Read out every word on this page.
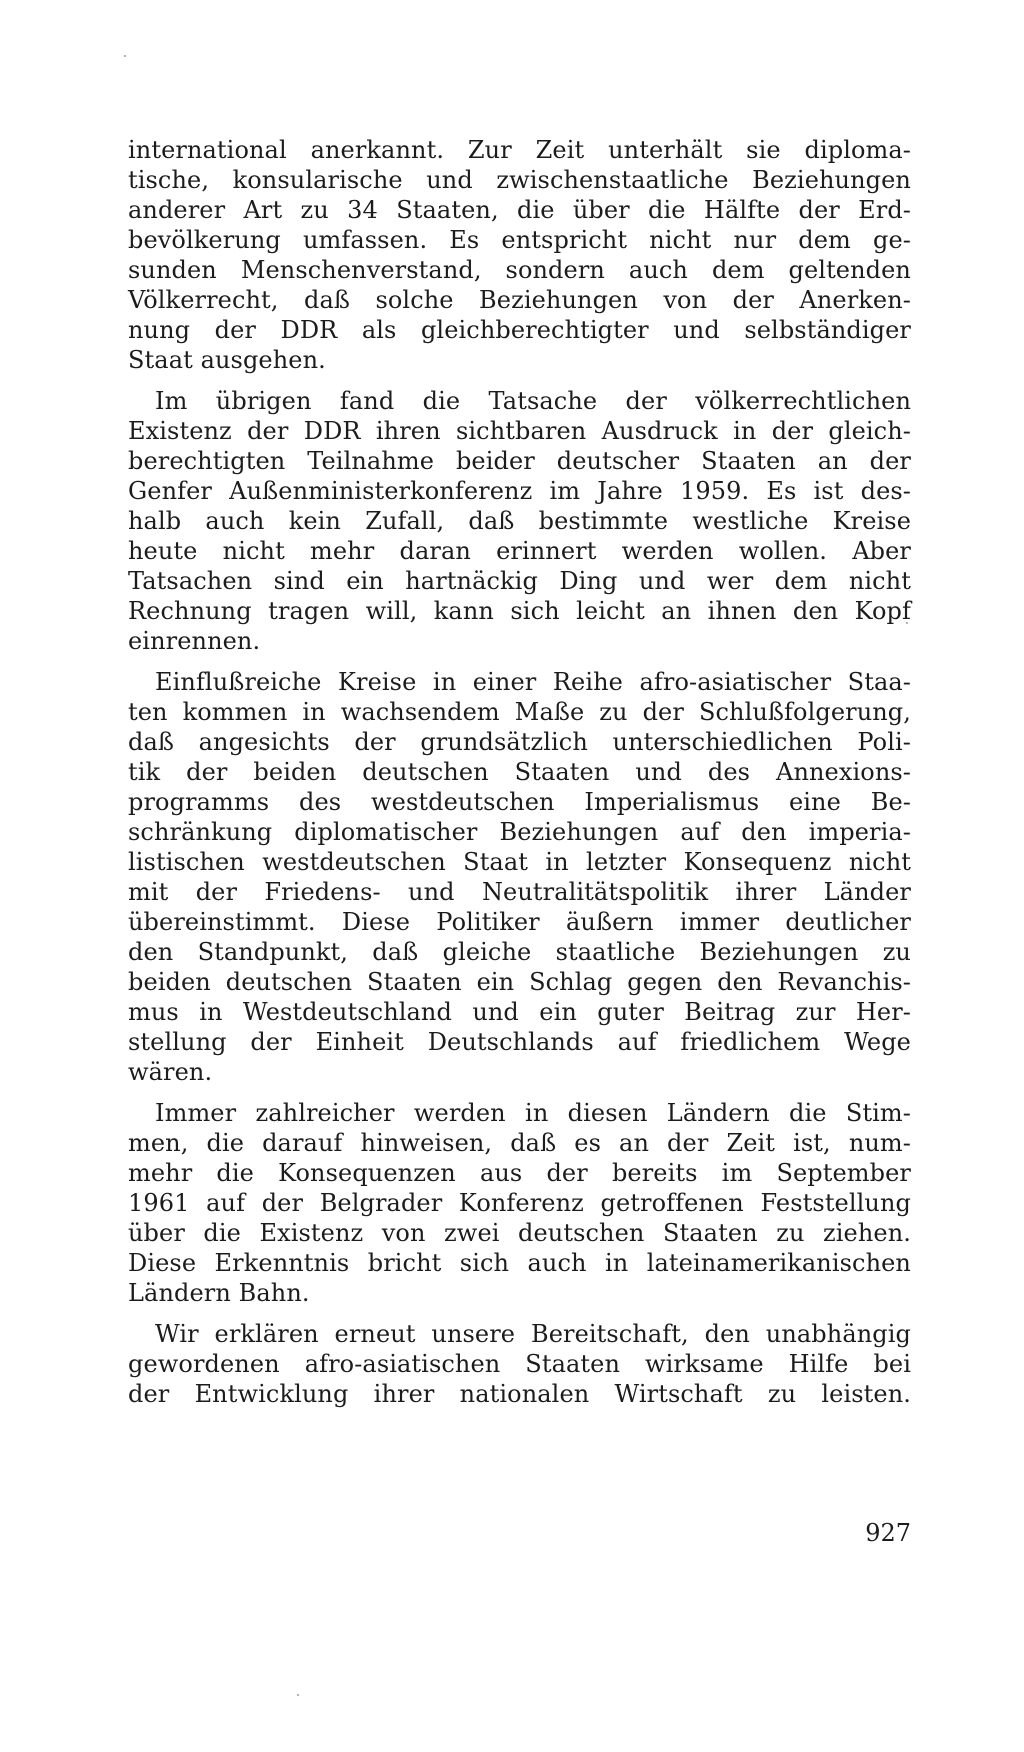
international anerkannt. Zur Zeit unterhält sie diploma-
tische, konsularische und zwischenstaatliche Beziehungen
anderer Art zu 34 Staaten, die über die Hälfte der Erd-
bevölkerung umfassen. Es entspricht nicht nur dem ge-
sunden Menschenverstand, sondern auch dem geltenden
Völkerrecht, daß solche Beziehungen von der Anerken-
nung der DDR als gleichberechtigter und selbständiger
Staat ausgehen.
Im übrigen fand die Tatsache der völkerrechtlichen
Existenz der DDR ihren sichtbaren Ausdruck in der gleich-
berechtigten Teilnahme beider deutscher Staaten an der
Genfer Außenministerkonferenz im Jahre 1959. Es ist des-
halb auch kein Zufall, daß bestimmte westliche Kreise
heute nicht mehr daran erinnert werden wollen. Aber
Tatsachen sind ein hartnäckig Ding und wer dem nicht
Rechnung tragen will, kann sich leicht an ihnen den Kopf
einrennen.
Einflußreiche Kreise in einer Reihe afro-asiatischer Staa-
ten kommen in wachsendem Maße zu der Schlußfolgerung,
daß angesichts der grundsätzlich unterschiedlichen Poli-
tik der beiden deutschen Staaten und des Annexions-
programms des westdeutschen Imperialismus eine Be-
schränkung diplomatischer Beziehungen auf den imperia-
listischen westdeutschen Staat in letzter Konsequenz nicht
mit der Friedens- und Neutralitätspolitik ihrer Länder
übereinstimmt. Diese Politiker äußern immer deutlicher
den Standpunkt, daß gleiche staatliche Beziehungen zu
beiden deutschen Staaten ein Schlag gegen den Revanchis-
mus in Westdeutschland und ein guter Beitrag zur Her-
stellung der Einheit Deutschlands auf friedlichem Wege
wären.
Immer zahlreicher werden in diesen Ländern die Stim-
men, die darauf hinweisen, daß es an der Zeit ist, num-
mehr die Konsequenzen aus der bereits im September
1961 auf der Belgrader Konferenz getroffenen Feststellung
über die Existenz von zwei deutschen Staaten zu ziehen.
Diese Erkenntnis bricht sich auch in lateinamerikanischen
Ländern Bahn.
Wir erklären erneut unsere Bereitschaft, den unabhängig
gewordenen afro-asiatischen Staaten wirksame Hilfe bei
der Entwicklung ihrer nationalen Wirtschaft zu leisten.
927
